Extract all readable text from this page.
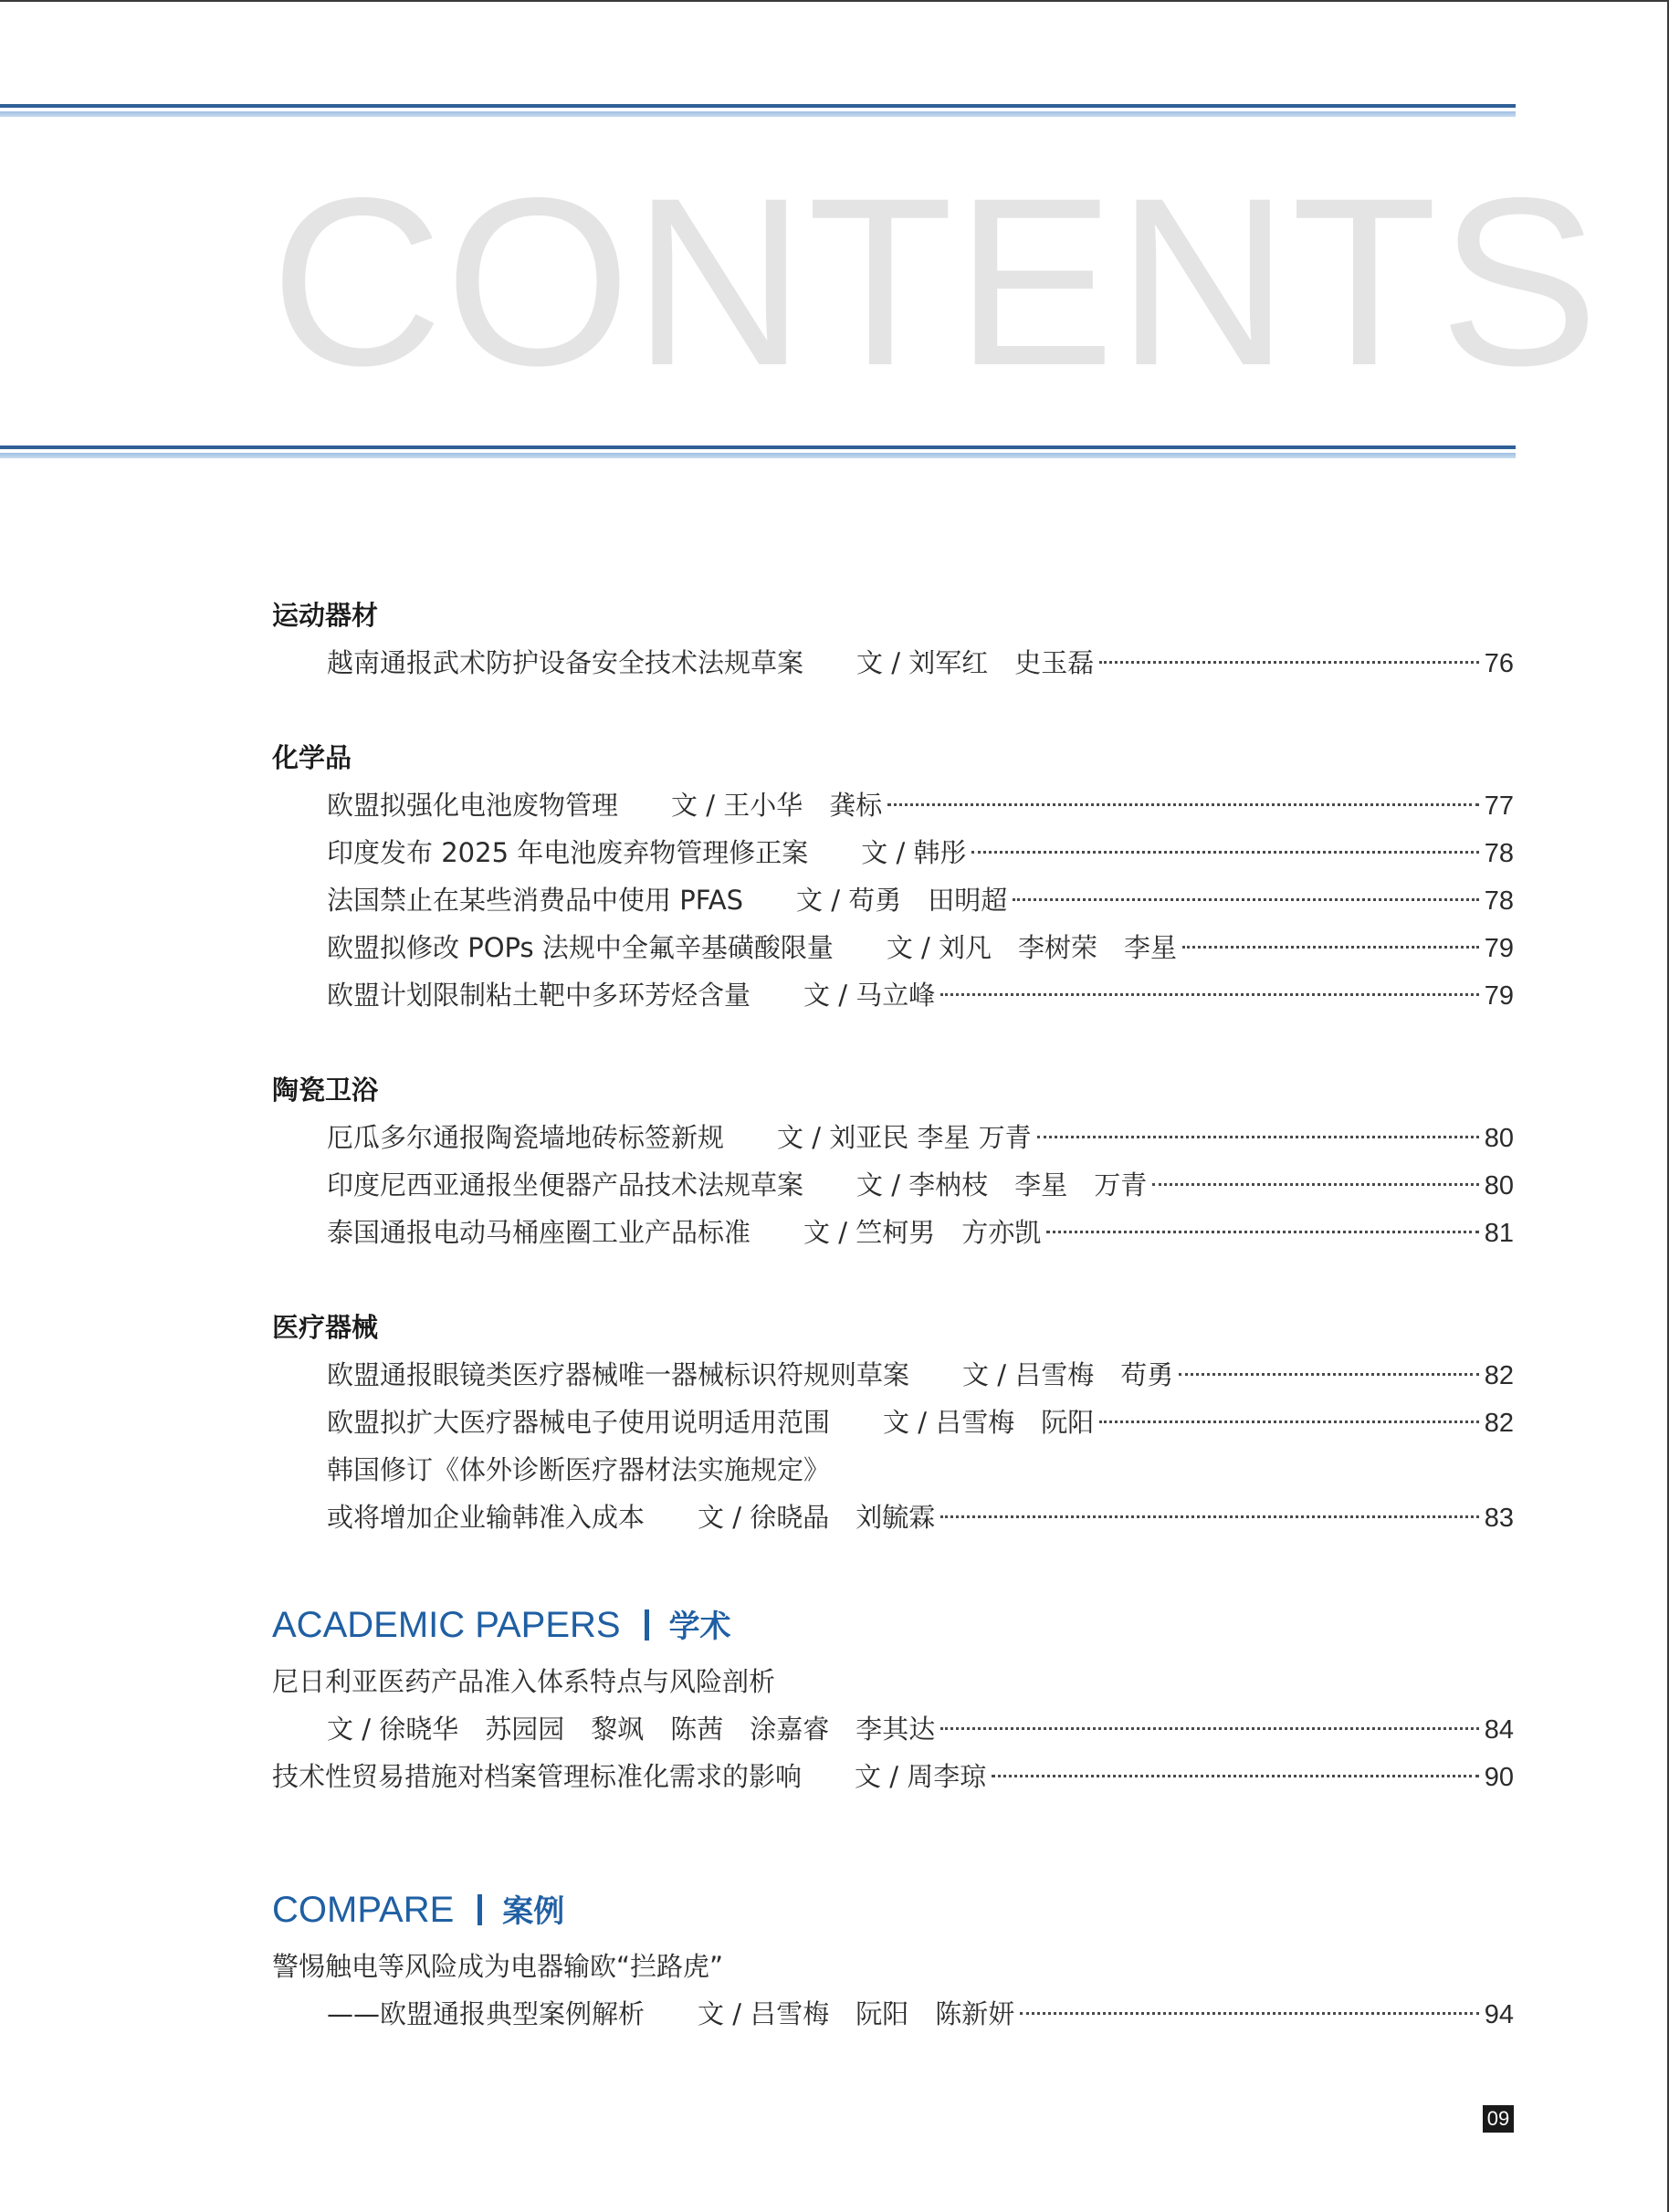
CONTENTS
运动器材
越南通报武术防护设备安全技术法规草案 文 / 刘军红　史玉磊	76
化学品
欧盟拟强化电池废物管理 文 / 王小华　龚标	77
印度发布 2025 年电池废弃物管理修正案 文 / 韩彤	78
法国禁止在某些消费品中使用 PFAS 文 / 苟勇　田明超	78
欧盟拟修改 POPs 法规中全氟辛基磺酸限量 文 / 刘凡　李树荣　李星	79
欧盟计划限制粘土靶中多环芳烃含量 文 / 马立峰	79
陶瓷卫浴
厄瓜多尔通报陶瓷墙地砖标签新规 文 / 刘亚民 李星 万青	80
印度尼西亚通报坐便器产品技术法规草案 文 / 李枘枝　李星　万青	80
泰国通报电动马桶座圈工业产品标准 文 / 竺柯男　方亦凯	81
医疗器械
欧盟通报眼镜类医疗器械唯一器械标识符规则草案 文 / 吕雪梅　苟勇	82
欧盟拟扩大医疗器械电子使用说明适用范围 文 / 吕雪梅　阮阳	82
韩国修订《体外诊断医疗器材法实施规定》
或将增加企业输韩准入成本 文 / 徐晓晶　刘毓霖	83
ACADEMIC PAPERS 学术
尼日利亚医药产品准入体系特点与风险剖析
文 / 徐晓华　苏园园　黎飒　陈茜　涂嘉睿　李其达	84
技术性贸易措施对档案管理标准化需求的影响 文 / 周李琼	90
COMPARE 案例
警惕触电等风险成为电器输欧“拦路虎”
——欧盟通报典型案例解析 文 / 吕雪梅　阮阳　陈新妍	94
09
